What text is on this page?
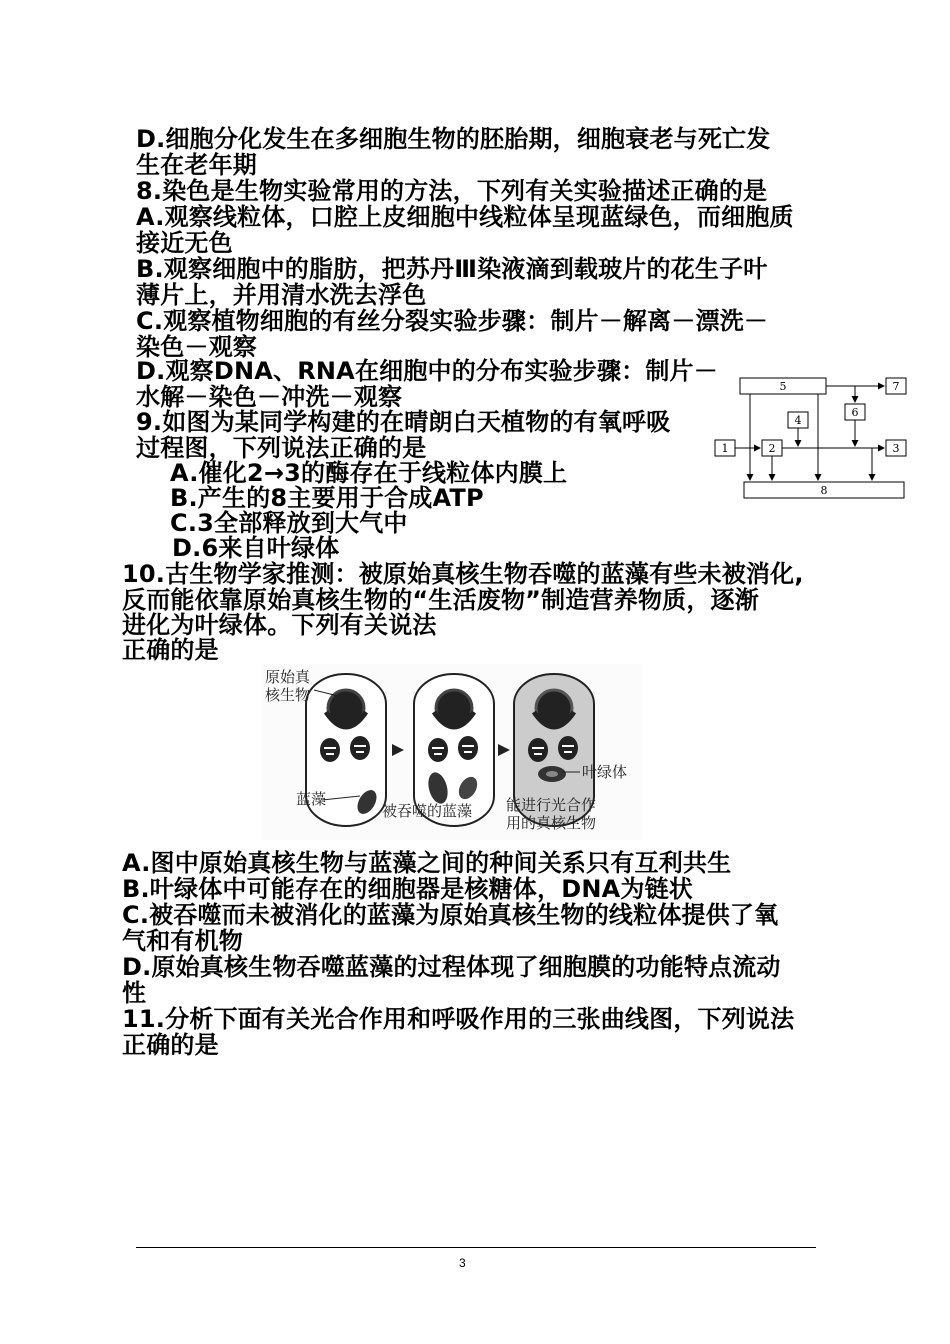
D.细胞分化发生在多细胞生物的胚胎期，细胞衰老与死亡发
生在老年期
8.染色是生物实验常用的方法，下列有关实验描述正确的是
A.观察线粒体，口腔上皮细胞中线粒体呈现蓝绿色，而细胞质
接近无色
B.观察细胞中的脂肪，把苏丹Ⅲ染液滴到载玻片的花生子叶
薄片上，并用清水洗去浮色
C.观察植物细胞的有丝分裂实验步骤：制片－解离－漂洗－
染色－观察
D.观察DNA、RNA在细胞中的分布实验步骤：制片－
水解－染色－冲洗－观察
9.如图为某同学构建的在晴朗白天植物的有氧呼吸
过程图，下列说法正确的是
A.催化2→3的酶存在于线粒体内膜上
B.产生的8主要用于合成ATP
C.3全部释放到大气中
D.6来自叶绿体
10.古生物学家推测：被原始真核生物吞噬的蓝藻有些未被消化,
反而能依靠原始真核生物的“生活废物”制造营养物质，逐渐
进化为叶绿体。下列有关说法
正确的是
A.图中原始真核生物与蓝藻之间的种间关系只有互利共生
B.叶绿体中可能存在的细胞器是核糖体，DNA为链状
C.被吞噬而未被消化的蓝藻为原始真核生物的线粒体提供了氧
气和有机物
D.原始真核生物吞噬蓝藻的过程体现了细胞膜的功能特点流动
性
11.分析下面有关光合作用和呼吸作用的三张曲线图，下列说法
正确的是
5	7
6
4
1	2	3
8
原始真
核生物
蓝藻
被吞噬的蓝藻
叶绿体
能进行光合作
用的真核生物
3
